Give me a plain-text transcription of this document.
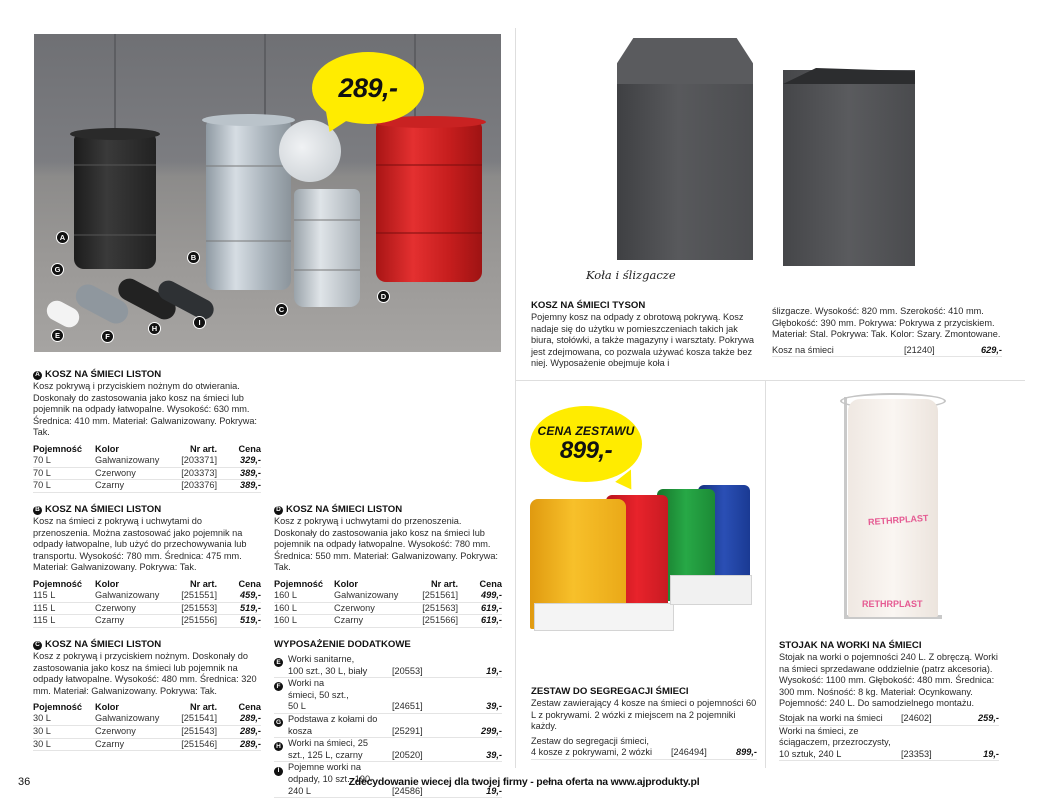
A
B
C
D
E	F
G
H
I
289,-
Koła i ślizgacze
KOSZ NA ŚMIECI TYSON

Pojemny kosz na odpady z obrotową pokrywą. Kosz nadaje się do użytku w pomieszczeniach takich jak biura, stołówki, a także magazyny i warsztaty. Pokrywa jest zdejmowana, co pozwala używać kosza także bez niej. Wyposażenie obejmuje koła i

ślizgacze. Wysokość: 820 mm. Szerokość: 410 mm. Głębokość: 390 mm. Pokrywa: Pokrywa z przyciskiem. Materiał: Stal. Pokrywa: Tak. Kolor: Szary. Zmontowane.

Kosz na śmieci	[21240]	629,-
A KOSZ NA ŚMIECI LISTON

Kosz pokrywą i przyciskiem nożnym do otwierania. Doskonały do zastosowania jako kosz na śmieci lub pojemnik na odpady łatwopalne. Wysokość: 630 mm. Średnica: 410 mm. Materiał: Galwanizowany. Pokrywa: Tak.

Pojemność	Kolor	Nr art.	Cena
70 L	Galwanizowany	[203371]	329,-
70 L	Czerwony	[203373]	389,-
70 L	Czarny	[203376]	389,-
B KOSZ NA ŚMIECI LISTON

Kosz na śmieci z pokrywą i uchwytami do przenoszenia. Można zastosować jako pojemnik na odpady łatwopalne, lub użyć do przechowywania lub transportu. Wysokość: 780 mm. Średnica: 475 mm. Materiał: Galwanizowany. Pokrywa: Tak.

Pojemność	Kolor	Nr art.	Cena
115 L	Galwanizowany	[251551]	459,-
115 L	Czerwony	[251553]	519,-
115 L	Czarny	[251556]	519,-
D KOSZ NA ŚMIECI LISTON

Kosz z pokrywą i uchwytami do przenoszenia. Doskonały do zastosowania jako kosz na śmieci lub pojemnik na odpady łatwopalne. Wysokość: 780 mm. Średnica: 550 mm. Materiał: Galwanizowany. Pokrywa: Tak.

Pojemność	Kolor	Nr art.	Cena
160 L	Galwanizowany	[251561]	499,-
160 L	Czerwony	[251563]	619,-
160 L	Czarny	[251566]	619,-
C KOSZ NA ŚMIECI LISTON

Kosz z pokrywą i przyciskiem nożnym. Doskonały do zastosowania jako kosz na śmieci lub pojemnik na odpady łatwopalne. Wysokość: 480 mm. Średnica: 320 mm. Materiał: Galwanizowany. Pokrywa: Tak.

Pojemność	Kolor	Nr art.	Cena
30 L	Galwanizowany	[251541]	289,-
30 L	Czerwony	[251543]	289,-
30 L	Czarny	[251546]	289,-
WYPOSAŻENIE DODATKOWE
E Worki sanitarne, 100 szt., 30 L, biały	[20553]	19,-
F Worki na śmieci, 50 szt., 50 L	[24651]	39,-
G Podstawa z kołami do kosza	[25291]	299,-
H Worki na śmieci, 25 szt., 125 L, czarny	[20520]	39,-
I Pojemne worki na odpady, 10 szt., 190-240 L	[24586]	19,-
CENA ZESTAWU
899,-
ZESTAW DO SEGREGACJI ŚMIECI

Zestaw zawierający 4 kosze na śmieci o pojemności 60 L z pokrywami. 2 wózki z miejscem na 2 pojemniki każdy.

Zestaw do segregacji śmieci, 4 kosze z pokrywami, 2 wózki	[246494]	899,-
RETHRPLAST
RETHRPLAST
STOJAK NA WORKI NA ŚMIECI

Stojak na worki o pojemności 240 L. Z obręczą. Worki na śmieci sprzedawane oddzielnie (patrz akcesoria). Wysokość: 1100 mm. Głębokość: 480 mm. Średnica: 300 mm. Nośność: 8 kg. Materiał: Ocynkowany. Pojemność: 240 L. Do samodzielnego montażu.

Stojak na worki na śmieci	[24602]	259,-
Worki na śmieci, ze ściągaczem, przezroczysty, 10 sztuk, 240 L	[23353]	19,-
36	Zdecydowanie wiecej dla twojej firmy - pełna oferta na www.ajprodukty.pl
